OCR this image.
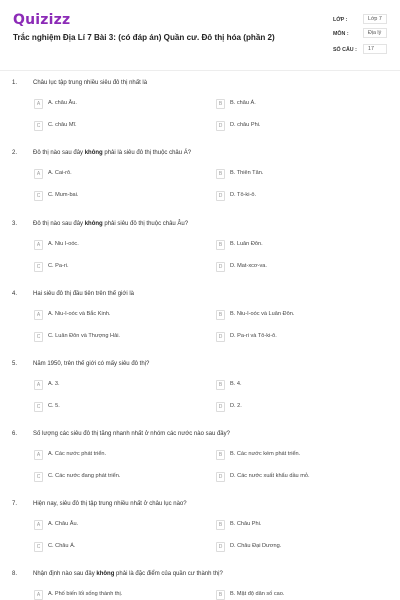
Quizizz
Trắc nghiệm Địa Lí 7 Bài 3: (có đáp án) Quần cư. Đô thị hóa (phần 2)
LỚP :	Lớp 7
MÔN :	Địa lý
SỐ CÂU :	17
1.	Châu lục tập trung nhiều siêu đô thị nhất là
A	A. châu Âu.	B	B. châu Á.
C	C. châu Mĩ.	D	D. châu Phi.
2.	Đô thị nào sau đây không phải là siêu đô thị thuộc châu Á?
A	A. Cai-rô.	B	B. Thiên Tân.
C	C. Mum-bai.	D	D. Tô-ki-ô.
3.	Đô thị nào sau đây không phải siêu đô thị thuộc châu Âu?
A	A. Niu I-oóc.	B	B. Luân Đôn.
C	C. Pa-ri.	D	D. Mat-xcơ-va.
4.	Hai siêu đô thị đầu tiên trên thế giới là
A	A. Niu-I-oóc và Bắc Kinh.	B	B. Niu-I-oóc và Luân Đôn.
C	C. Luân Đôn và Thượng Hải.	D	D. Pa-ri và Tô-ki-ô.
5.	Năm 1950, trên thế giới có mấy siêu đô thị?
A	A. 3.	B	B. 4.
C	C. 5.	D	D. 2.
6.	Số lượng các siêu đô thị tăng nhanh nhất ở nhóm các nước nào sau đây?
A	A. Các nước phát triển.	B	B. Các nước kém phát triển.
C	C. Các nước đang phát triển.	D	D. Các nước xuất khẩu dầu mỏ.
7.	Hiện nay, siêu đô thị tập trung nhiều nhất ở châu lục nào?
A	A. Châu Âu.	B	B. Châu Phi.
C	C. Châu Á.	D	D. Châu Đại Dương.
8.	Nhận định nào sau đây không phải là đặc điểm của quần cư thành thị?
A	A. Phố biến lối sống thành thị.	B	B. Mật độ dân số cao.
